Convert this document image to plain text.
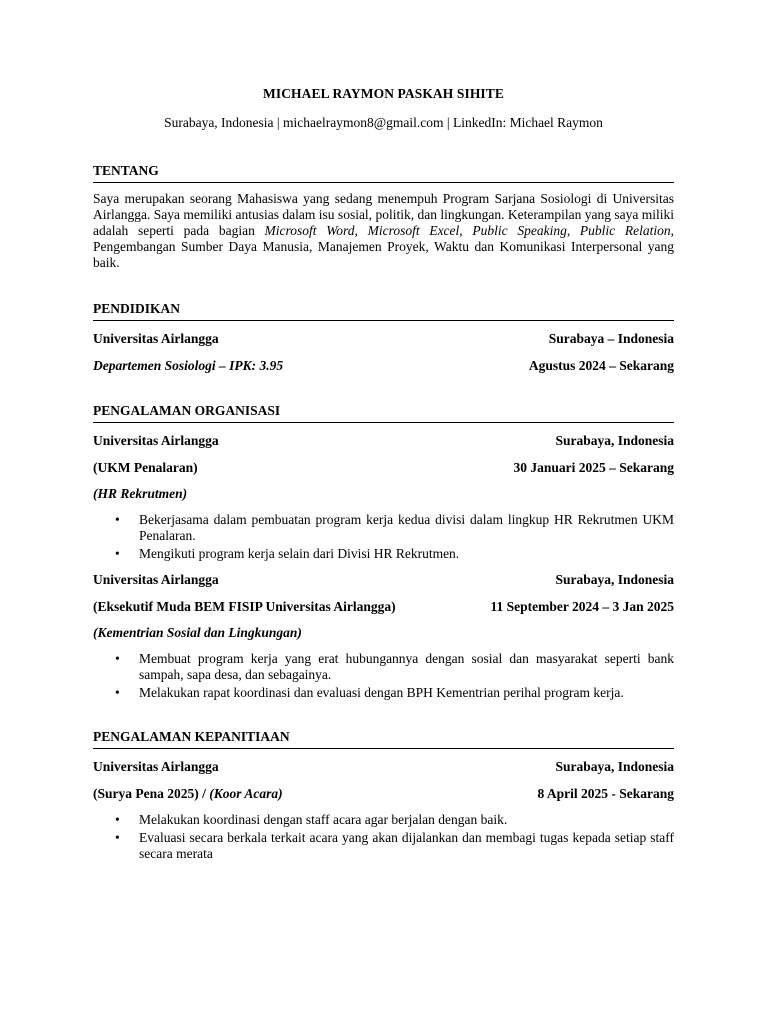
MICHAEL RAYMON PASKAH SIHITE
Surabaya, Indonesia | michaelraymon8@gmail.com | LinkedIn: Michael Raymon
TENTANG
Saya merupakan seorang Mahasiswa yang sedang menempuh Program Sarjana Sosiologi di Universitas Airlangga. Saya memiliki antusias dalam isu sosial, politik, dan lingkungan. Keterampilan yang saya miliki adalah seperti pada bagian Microsoft Word, Microsoft Excel, Public Speaking, Public Relation, Pengembangan Sumber Daya Manusia, Manajemen Proyek, Waktu dan Komunikasi Interpersonal yang baik.
PENDIDIKAN
Universitas Airlangga	Surabaya – Indonesia
Departemen Sosiologi – IPK: 3.95	Agustus 2024 – Sekarang
PENGALAMAN ORGANISASI
Universitas Airlangga	Surabaya, Indonesia
(UKM Penalaran)	30 Januari 2025 – Sekarang
(HR Rekrutmen)
• Bekerjasama dalam pembuatan program kerja kedua divisi dalam lingkup HR Rekrutmen UKM Penalaran.
• Mengikuti program kerja selain dari Divisi HR Rekrutmen.
Universitas Airlangga	Surabaya, Indonesia
(Eksekutif Muda BEM FISIP Universitas Airlangga)	11 September 2024 – 3 Jan 2025
(Kementrian Sosial dan Lingkungan)
• Membuat program kerja yang erat hubungannya dengan sosial dan masyarakat seperti bank sampah, sapa desa, dan sebagainya.
• Melakukan rapat koordinasi dan evaluasi dengan BPH Kementrian perihal program kerja.
PENGALAMAN KEPANITIAAN
Universitas Airlangga	Surabaya, Indonesia
(Surya Pena 2025) / (Koor Acara)	8 April 2025 - Sekarang
• Melakukan koordinasi dengan staff acara agar berjalan dengan baik.
• Evaluasi secara berkala terkait acara yang akan dijalankan dan membagi tugas kepada setiap staff secara merata
